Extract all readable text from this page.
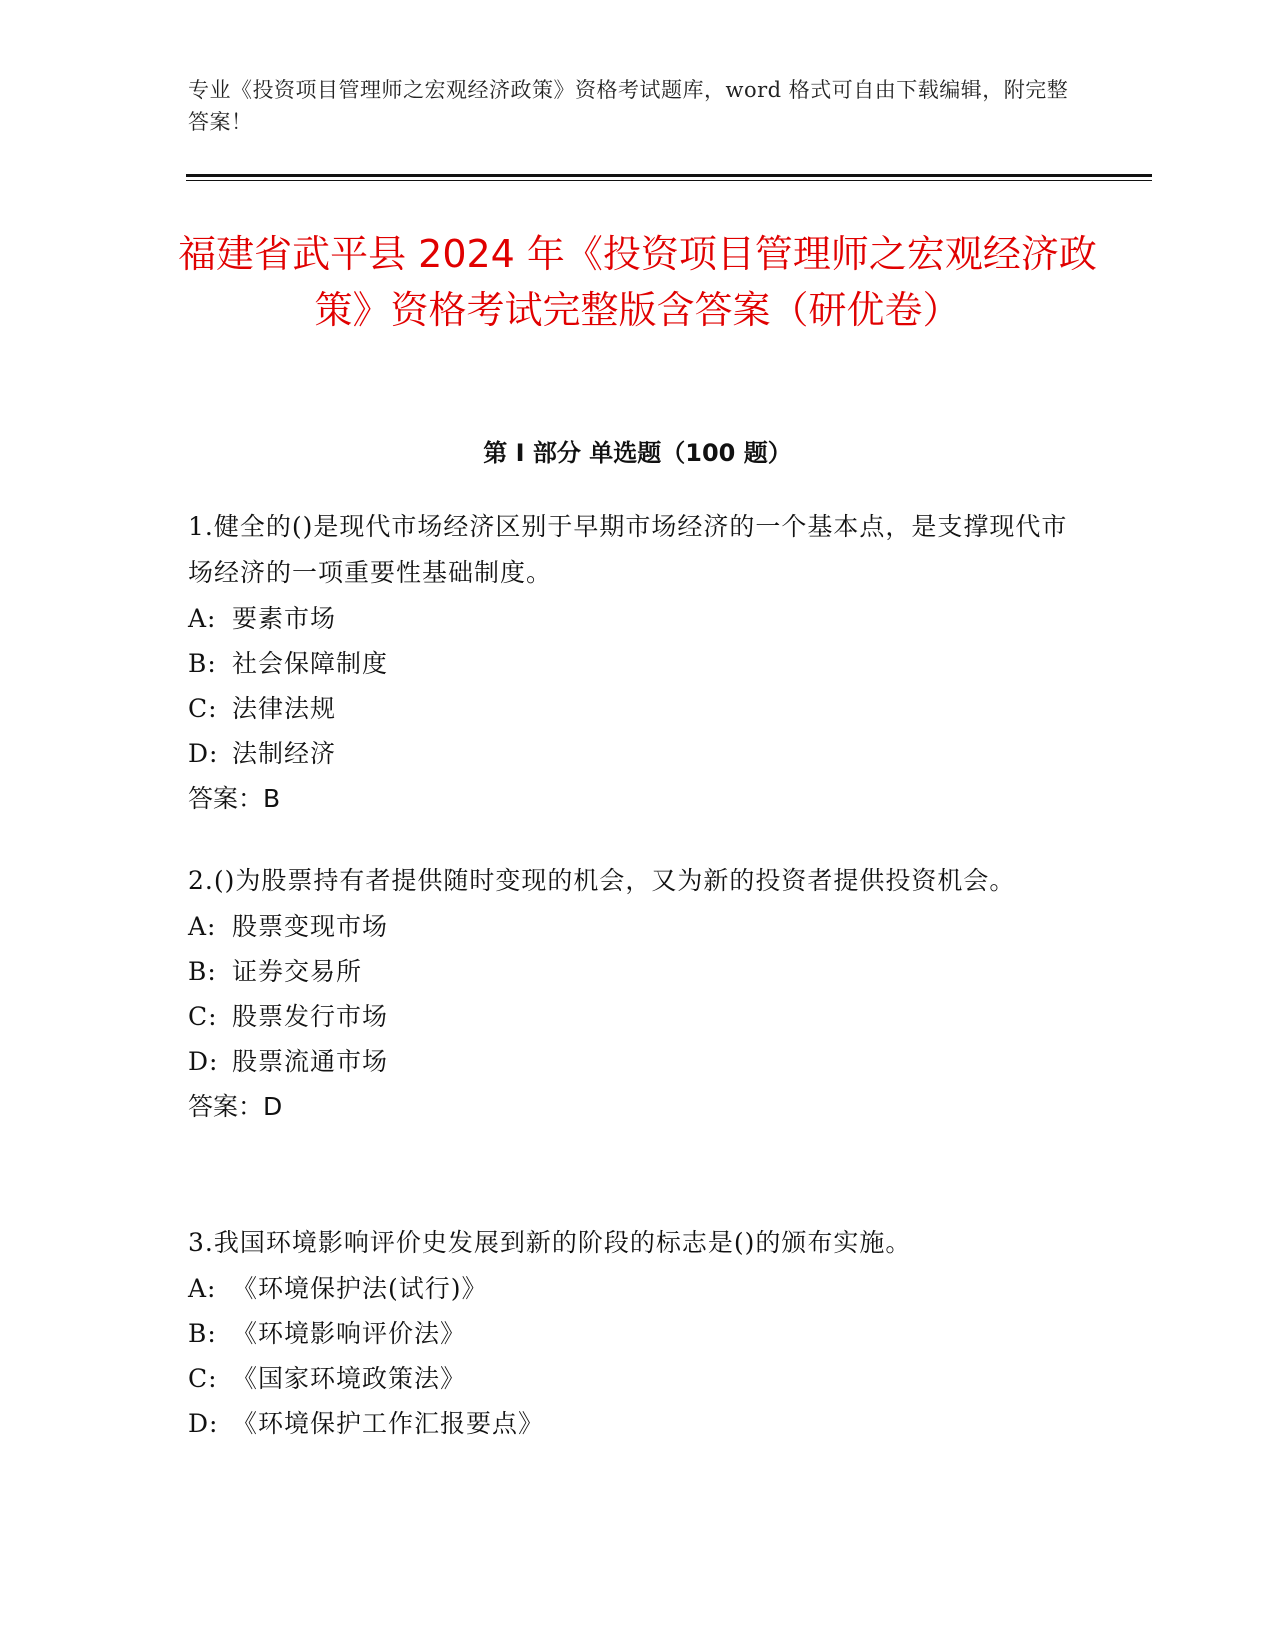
专业《投资项目管理师之宏观经济政策》资格考试题库，word 格式可自由下载编辑，附完整答案！
福建省武平县 2024 年《投资项目管理师之宏观经济政策》资格考试完整版含答案（研优卷）
第 I 部分 单选题（100 题）
1.健全的()是现代市场经济区别于早期市场经济的一个基本点，是支撑现代市场经济的一项重要性基础制度。
A: 要素市场
B: 社会保障制度
C: 法律法规
D: 法制经济
答案：B
2.()为股票持有者提供随时变现的机会，又为新的投资者提供投资机会。
A: 股票变现市场
B: 证券交易所
C: 股票发行市场
D: 股票流通市场
答案：D
3.我国环境影响评价史发展到新的阶段的标志是()的颁布实施。
A: 《环境保护法(试行)》
B: 《环境影响评价法》
C: 《国家环境政策法》
D: 《环境保护工作汇报要点》
